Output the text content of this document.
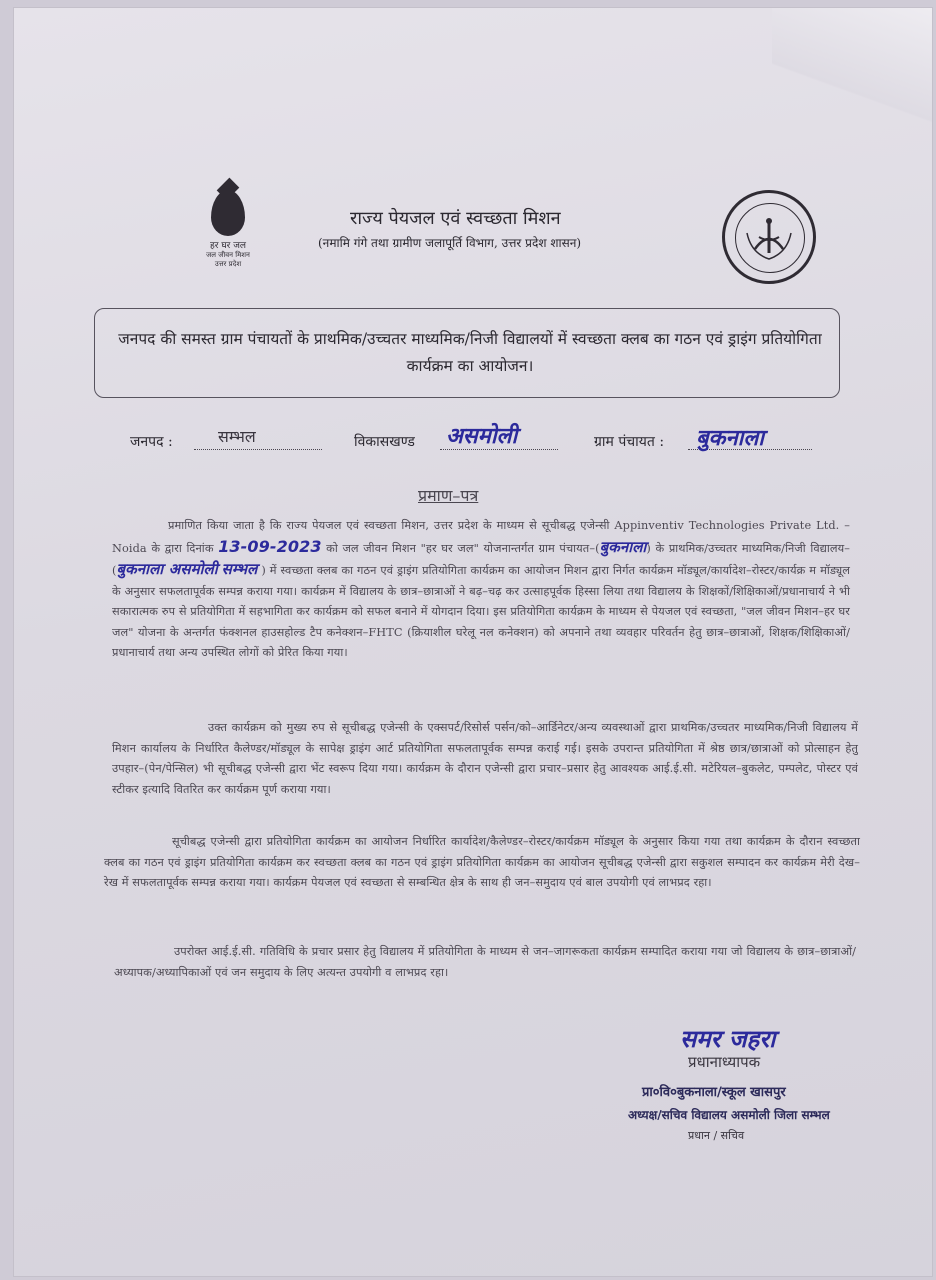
हर घर जल
जल जीवन मिशन
उत्तर प्रदेश
राज्य पेयजल एवं स्वच्छता मिशन
(नमामि गंगे तथा ग्रामीण जलापूर्ति विभाग, उत्तर प्रदेश शासन)
जनपद की समस्त ग्राम पंचायतों के प्राथमिक/उच्चतर माध्यमिक/निजी विद्यालयों में स्वच्छता क्लब का गठन एवं ड्राइंग प्रतियोगिता कार्यक्रम का आयोजन।
जनपद :	सम्भल	विकासखण्ड असमोली	ग्राम पंचायत : बुकनाला
प्रमाण–पत्र
प्रमाणित किया जाता है कि राज्य पेयजल एवं स्वच्छता मिशन, उत्तर प्रदेश के माध्यम से सूचीबद्ध एजेन्सी Appinventiv Technologies Private Ltd. – Noida के द्वारा दिनांक 13-09-2023 को जल जीवन मिशन "हर घर जल" योजनान्तर्गत ग्राम पंचायत–(बुकनाला) के प्राथमिक/उच्चतर माध्यमिक/निजी विद्यालय–(बुकनाला असमोली सम्भल ) में स्वच्छता क्लब का गठन एवं ड्राइंग प्रतियोगिता कार्यक्रम का आयोजन मिशन द्वारा निर्गत कार्यक्रम मॉड्यूल/कार्यादेश–रोस्टर/कार्यक्र म मॉड्यूल के अनुसार सफलतापूर्वक सम्पन्न कराया गया। कार्यक्रम में विद्यालय के छात्र–छात्राओं ने बढ़–चढ़ कर उत्साहपूर्वक हिस्सा लिया तथा विद्यालय के शिक्षकों/शिक्षिकाओं/प्रधानाचार्य ने भी सकारात्मक रुप से प्रतियोगिता में सहभागिता कर कार्यक्रम को सफल बनाने में योगदान दिया। इस प्रतियोगिता कार्यक्रम के माध्यम से पेयजल एवं स्वच्छता, "जल जीवन मिशन–हर घर जल" योजना के अन्तर्गत फंक्शनल हाउसहोल्ड टैप कनेक्शन–FHTC (क्रियाशील घरेलू नल कनेक्शन) को अपनाने तथा व्यवहार परिवर्तन हेतु छात्र–छात्राओं, शिक्षक/शिक्षिकाओं/प्रधानाचार्य तथा अन्य उपस्थित लोगों को प्रेरित किया गया।
उक्त कार्यक्रम को मुख्य रुप से सूचीबद्ध एजेन्सी के एक्सपर्ट/रिसोर्स पर्सन/को–आर्डिनेटर/अन्य व्यवस्थाओं द्वारा प्राथमिक/उच्चतर माध्यमिक/निजी विद्यालय में मिशन कार्यालय के निर्धारित कैलेण्डर/मॉड्यूल के सापेक्ष ड्राइंग आर्ट प्रतियोगिता सफलतापूर्वक सम्पन्न कराई गई। इसके उपरान्त प्रतियोगिता में श्रेष्ठ छात्र/छात्राओं को प्रोत्साहन हेतु उपहार–(पेन/पेन्सिल) भी सूचीबद्ध एजेन्सी द्वारा भेंट स्वरूप दिया गया। कार्यक्रम के दौरान एजेन्सी द्वारा प्रचार–प्रसार हेतु आवश्यक आई.ई.सी. मटेरियल–बुकलेट, पम्पलेट, पोस्टर एवं स्टीकर इत्यादि वितरित कर कार्यक्रम पूर्ण कराया गया।
सूचीबद्ध एजेन्सी द्वारा प्रतियोगिता कार्यक्रम का आयोजन निर्धारित कार्यादेश/कैलेण्डर–रोस्टर/कार्यक्रम मॉड्यूल के अनुसार किया गया तथा कार्यक्रम के दौरान स्वच्छता क्लब का गठन एवं ड्राइंग प्रतियोगिता कार्यक्रम कर स्वच्छता क्लब का गठन एवं ड्राइंग प्रतियोगिता कार्यक्रम का आयोजन सूचीबद्ध एजेन्सी द्वारा सकुशल सम्पादन कर कार्यक्रम मेरी देख–रेख में सफलतापूर्वक सम्पन्न कराया गया। कार्यक्रम पेयजल एवं स्वच्छता से सम्बन्धित क्षेत्र के साथ ही जन–समुदाय एवं बाल उपयोगी एवं लाभप्रद रहा।
उपरोक्त आई.ई.सी. गतिविधि के प्रचार प्रसार हेतु विद्यालय में प्रतियोगिता के माध्यम से जन–जागरूकता कार्यक्रम सम्पादित कराया गया जो विद्यालय के छात्र–छात्राओं/अध्यापक/अध्यापिकाओं एवं जन समुदाय के लिए अत्यन्त उपयोगी व लाभप्रद रहा।
समर जहरा
प्रधानाध्यापक
प्रा०वि०बुकनाला/स्कूल खासपुर
अध्यक्ष/सचिव विद्यालय असमोली जिला सम्भल
प्रधान / सचिव
